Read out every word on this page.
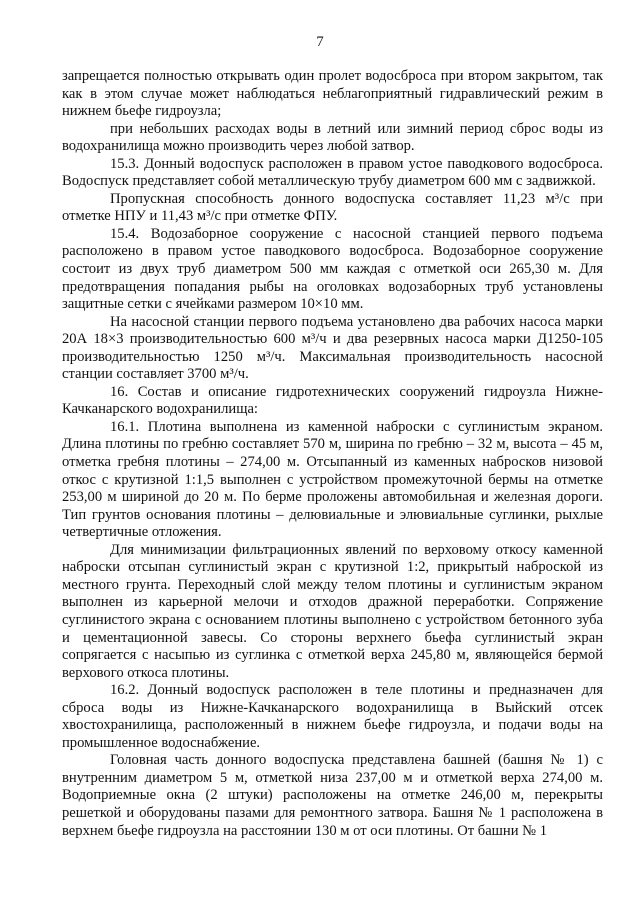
7

запрещается полностью открывать один пролет водосброса при втором закрытом, так как в этом случае может наблюдаться неблагоприятный гидравлический режим в нижнем бьефе гидроузла;

при небольших расходах воды в летний или зимний период сброс воды из водохранилища можно производить через любой затвор.

15.3. Донный водоспуск расположен в правом устое паводкового водосброса. Водоспуск представляет собой металлическую трубу диаметром 600 мм с задвижкой.

Пропускная способность донного водоспуска составляет 11,23 м³/с при отметке НПУ и 11,43 м³/с при отметке ФПУ.

15.4. Водозаборное сооружение с насосной станцией первого подъема расположено в правом устое паводкового водосброса. Водозаборное сооружение состоит из двух труб диаметром 500 мм каждая с отметкой оси 265,30 м. Для предотвращения попадания рыбы на оголовках водозаборных труб установлены защитные сетки с ячейками размером 10×10 мм.

На насосной станции первого подъема установлено два рабочих насоса марки 20А 18×3 производительностью 600 м³/ч и два резервных насоса марки Д1250-105 производительностью 1250 м³/ч. Максимальная производительность насосной станции составляет 3700 м³/ч.

16. Состав и описание гидротехнических сооружений гидроузла Нижне-Качканарского водохранилища:

16.1. Плотина выполнена из каменной наброски с суглинистым экраном. Длина плотины по гребню составляет 570 м, ширина по гребню – 32 м, высота – 45 м, отметка гребня плотины – 274,00 м. Отсыпанный из каменных набросков низовой откос с крутизной 1:1,5 выполнен с устройством промежуточной бермы на отметке 253,00 м шириной до 20 м. По берме проложены автомобильная и железная дороги. Тип грунтов основания плотины – делювиальные и элювиальные суглинки, рыхлые четвертичные отложения.

Для минимизации фильтрационных явлений по верховому откосу каменной наброски отсыпан суглинистый экран с крутизной 1:2, прикрытый наброской из местного грунта. Переходный слой между телом плотины и суглинистым экраном выполнен из карьерной мелочи и отходов дражной переработки. Сопряжение суглинистого экрана с основанием плотины выполнено с устройством бетонного зуба и цементационной завесы. Со стороны верхнего бьефа суглинистый экран сопрягается с насыпью из суглинка с отметкой верха 245,80 м, являющейся бермой верхового откоса плотины.

16.2. Донный водоспуск расположен в теле плотины и предназначен для сброса воды из Нижне-Качканарского водохранилища в Выйский отсек хвостохранилища, расположенный в нижнем бьефе гидроузла, и подачи воды на промышленное водоснабжение.

Головная часть донного водоспуска представлена башней (башня № 1) с внутренним диаметром 5 м, отметкой низа 237,00 м и отметкой верха 274,00 м. Водоприемные окна (2 штуки) расположены на отметке 246,00 м, перекрыты решеткой и оборудованы пазами для ремонтного затвора. Башня № 1 расположена в верхнем бьефе гидроузла на расстоянии 130 м от оси плотины. От башни № 1
